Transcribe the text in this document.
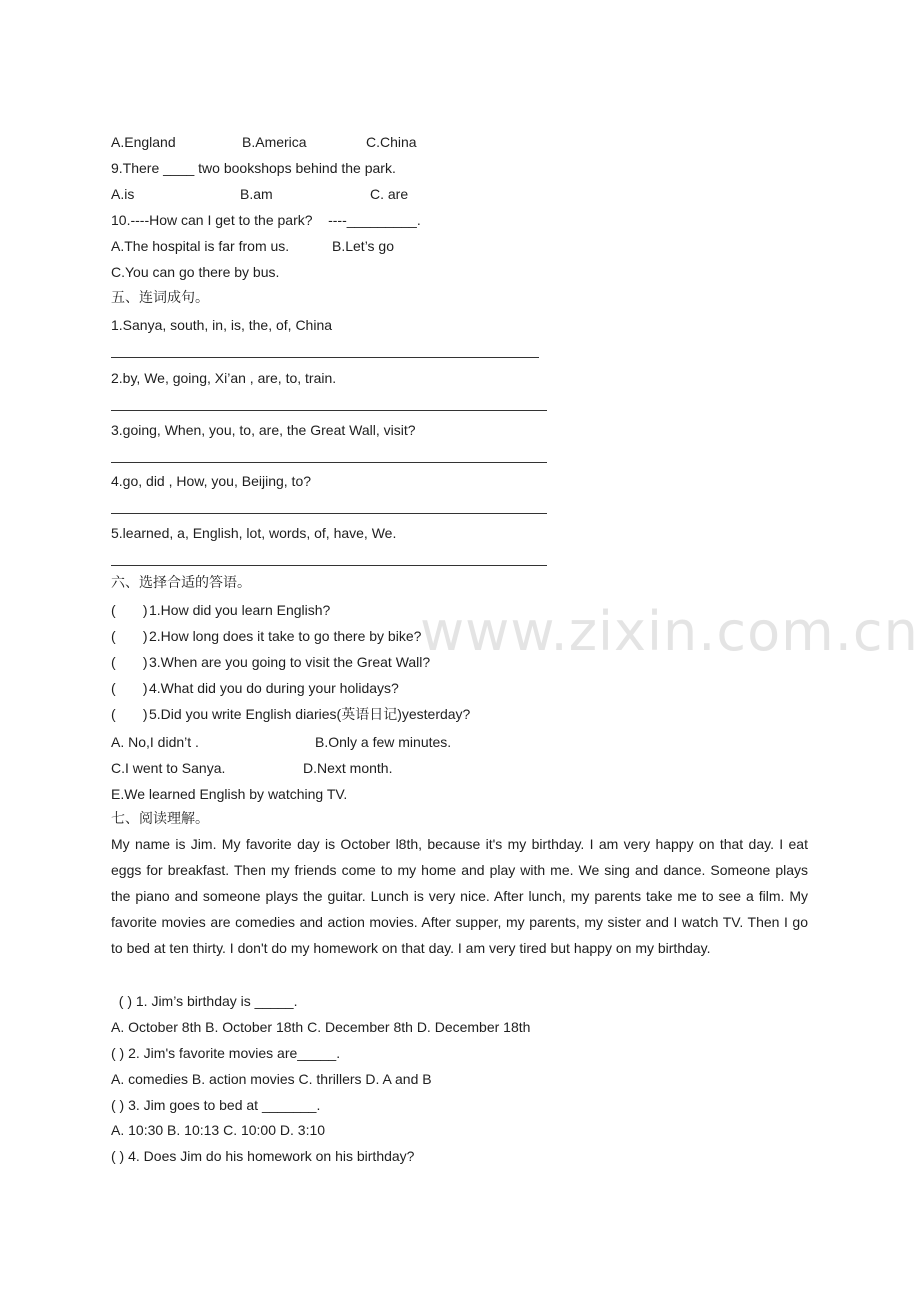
A.England	B.America	C.China
9.There ____ two bookshops behind the park.
A.is	B.am	C. are
10.----How can I get to the park?    ----_________.
A.The hospital is far from us.	B.Let’s go
C.You can go there by bus.
五、连词成句。
1.Sanya, south, in, is, the, of, China
2.by, We, going, Xi’an , are, to, train.
3.going, When, you, to, are, the Great Wall, visit?
4.go, did , How, you, Beijing, to?
5.learned, a, English, lot, words, of, have, We.
六、选择合适的答语。
(       ) 1.How did you learn English?
(       ) 2.How long does it take to go there by bike?
(       ) 3.When are you going to visit the Great Wall?
(       ) 4.What did you do during your holidays?
(       ) 5.Did you write English diaries(英语日记)yesterday?
A. No,I didn’t .	B.Only a few minutes.
C.I went to Sanya.	D.Next month.
E.We learned English by watching TV.
七、阅读理解。
My name is Jim. My favorite day is October l8th, because it's my birthday. I am very happy on that day. I eat eggs for breakfast. Then my friends come to my home and play with me. We sing and dance. Someone plays the piano and someone plays the guitar. Lunch is very nice. After lunch, my parents take me to see a film. My favorite movies are comedies and action movies. After supper, my parents, my sister and I watch TV. Then I go to bed at ten thirty. I don't do my homework on that day. I am very tired but happy on my birthday.
( ) 1. Jim’s birthday is _____.
A. October 8th B. October 18th C. December 8th D. December 18th
( ) 2. Jim's favorite movies are_____.
A. comedies B. action movies C. thrillers D. A and B
( ) 3. Jim goes to bed at _______.
A. 10:30 B. 10:13 C. 10:00 D. 3:10
( ) 4. Does Jim do his homework on his birthday?
www.zixin.com.cn
